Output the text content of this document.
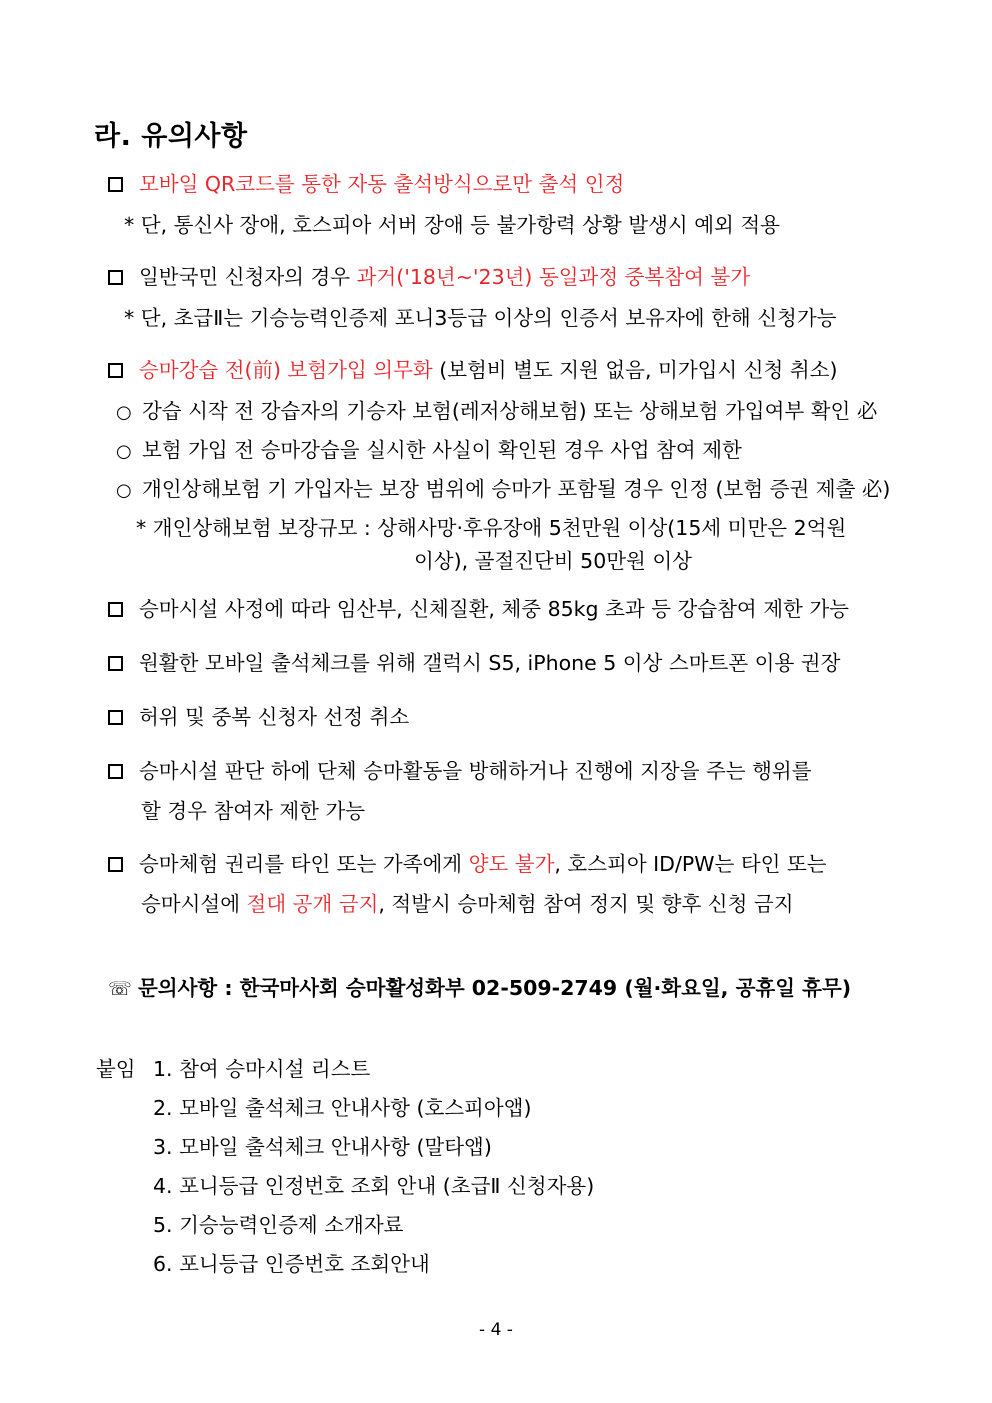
라. 유의사항
모바일 QR코드를 통한 자동 출석방식으로만 출석 인정
* 단, 통신사 장애, 호스피아 서버 장애 등 불가항력 상황 발생시 예외 적용
일반국민 신청자의 경우 과거('18년~'23년) 동일과정 중복참여 불가
* 단, 초급Ⅱ는 기승능력인증제 포니3등급 이상의 인증서 보유자에 한해 신청가능
승마강습 전(前) 보험가입 의무화 (보험비 별도 지원 없음, 미가입시 신청 취소)
○ 강습 시작 전 강습자의 기승자 보험(레저상해보험) 또는 상해보험 가입여부 확인 必
○ 보험 가입 전 승마강습을 실시한 사실이 확인된 경우 사업 참여 제한
○ 개인상해보험 기 가입자는 보장 범위에 승마가 포함될 경우 인정 (보험 증권 제출 必)
* 개인상해보험 보장규모 : 상해사망·후유장애 5천만원 이상(15세 미만은 2억원
이상), 골절진단비 50만원 이상
승마시설 사정에 따라 임산부, 신체질환, 체중 85kg 초과 등 강습참여 제한 가능
원활한 모바일 출석체크를 위해 갤럭시 S5, iPhone 5 이상 스마트폰 이용 권장
허위 및 중복 신청자 선정 취소
승마시설 판단 하에 단체 승마활동을 방해하거나 진행에 지장을 주는 행위를
할 경우 참여자 제한 가능
승마체험 권리를 타인 또는 가족에게 양도 불가, 호스피아 ID/PW는 타인 또는
승마시설에 절대 공개 금지, 적발시 승마체험 참여 정지 및 향후 신청 금지
☏ 문의사항 : 한국마사회 승마활성화부 02-509-2749 (월·화요일, 공휴일 휴무)
붙임 1. 참여 승마시설 리스트
2. 모바일 출석체크 안내사항 (호스피아앱)
3. 모바일 출석체크 안내사항 (말타앱)
4. 포니등급 인정번호 조회 안내 (초급Ⅱ 신청자용)
5. 기승능력인증제 소개자료
6. 포니등급 인증번호 조회안내
- 4 -
